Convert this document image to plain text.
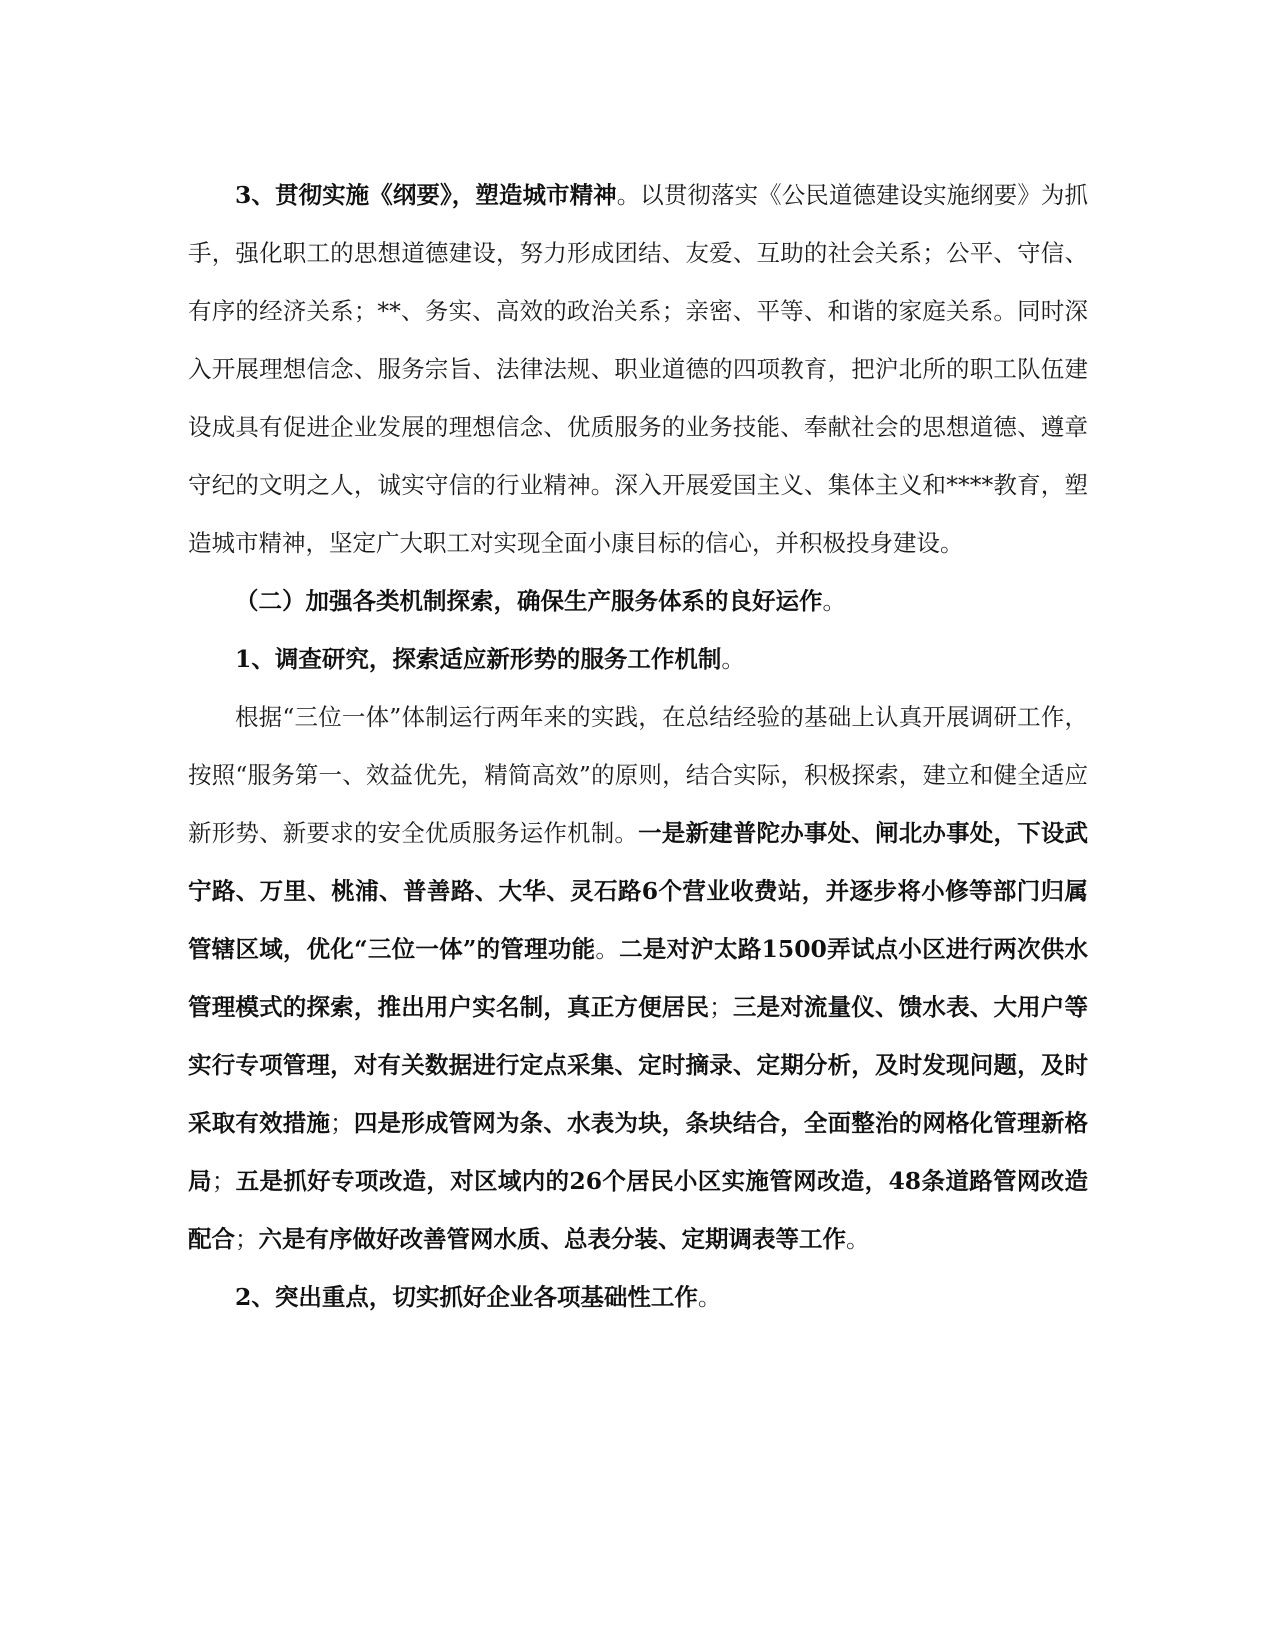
3、贯彻实施《纲要》，塑造城市精神。以贯彻落实《公民道德建设实施纲要》为抓手，强化职工的思想道德建设，努力形成团结、友爱、互助的社会关系；公平、守信、有序的经济关系；**、务实、高效的政治关系；亲密、平等、和谐的家庭关系。同时深入开展理想信念、服务宗旨、法律法规、职业道德的四项教育，把沪北所的职工队伍建设成具有促进企业发展的理想信念、优质服务的业务技能、奉献社会的思想道德、遵章守纪的文明之人，诚实守信的行业精神。深入开展爱国主义、集体主义和****教育，塑造城市精神，坚定广大职工对实现全面小康目标的信心，并积极投身建设。

（二）加强各类机制探索，确保生产服务体系的良好运作。

1、调查研究，探索适应新形势的服务工作机制。

根据“三位一体”体制运行两年来的实践，在总结经验的基础上认真开展调研工作，按照“服务第一、效益优先，精简高效”的原则，结合实际，积极探索，建立和健全适应新形势、新要求的安全优质服务运作机制。一是新建普陀办事处、闸北办事处，下设武宁路、万里、桃浦、普善路、大华、灵石路6个营业收费站，并逐步将小修等部门归属管辖区域，优化“三位一体”的管理功能。二是对沪太路1500弄试点小区进行两次供水管理模式的探索，推出用户实名制，真正方便居民；三是对流量仪、馈水表、大用户等实行专项管理，对有关数据进行定点采集、定时摘录、定期分析，及时发现问题，及时采取有效措施；四是形成管网为条、水表为块，条块结合，全面整治的网格化管理新格局；五是抓好专项改造，对区域内的26个居民小区实施管网改造，48条道路管网改造配合；六是有序做好改善管网水质、总表分装、定期调表等工作。

2、突出重点，切实抓好企业各项基础性工作。
